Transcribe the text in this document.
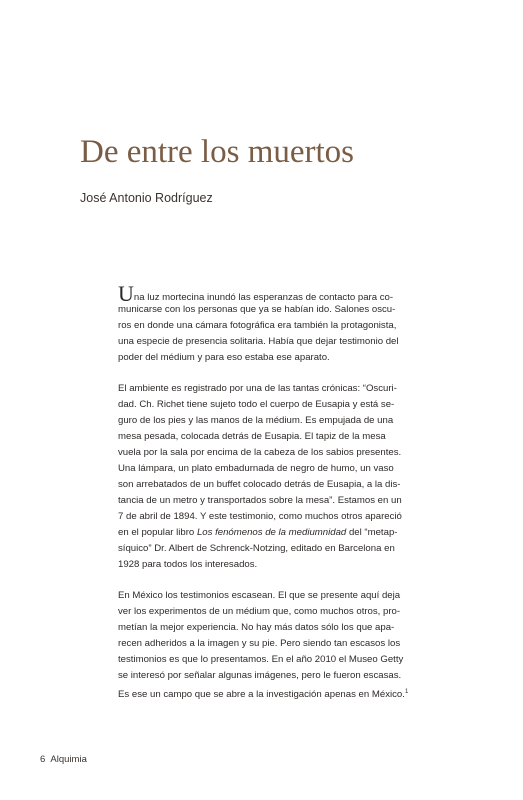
De entre los muertos

José Antonio Rodríguez

Una luz mortecina inundó las esperanzas de contacto para co-
municarse con los personas que ya se habían ido. Salones oscu-
ros en donde una cámara fotográfica era también la protagonista,
una especie de presencia solitaria. Había que dejar testimonio del
poder del médium y para eso estaba ese aparato.
El ambiente es registrado por una de las tantas crónicas: “Oscuri-
dad. Ch. Richet tiene sujeto todo el cuerpo de Eusapia y está se-
guro de los pies y las manos de la médium. Es empujada de una
mesa pesada, colocada detrás de Eusapia. El tapiz de la mesa
vuela por la sala por encima de la cabeza de los sabios presentes.
Una lámpara, un plato embadurnada de negro de humo, un vaso
son arrebatados de un buffet colocado detrás de Eusapia, a la dis-
tancia de un metro y transportados sobre la mesa”. Estamos en un
7 de abril de 1894. Y este testimonio, como muchos otros apareció
en el popular libro Los fenómenos de la mediumnidad del “metap-
síquico” Dr. Albert de Schrenck-Notzing, editado en Barcelona en
1928 para todos los interesados.
En México los testimonios escasean. El que se presente aquí deja
ver los experimentos de un médium que, como muchos otros, pro-
metían la mejor experiencia. No hay más datos sólo los que apa-
recen adheridos a la imagen y su pie. Pero siendo tan escasos los
testimonios es que lo presentamos. En el año 2010 el Museo Getty
se interesó por señalar algunas imágenes, pero le fueron escasas.
Es ese un campo que se abre a la investigación apenas en México.$^1$
6 Alquimia
